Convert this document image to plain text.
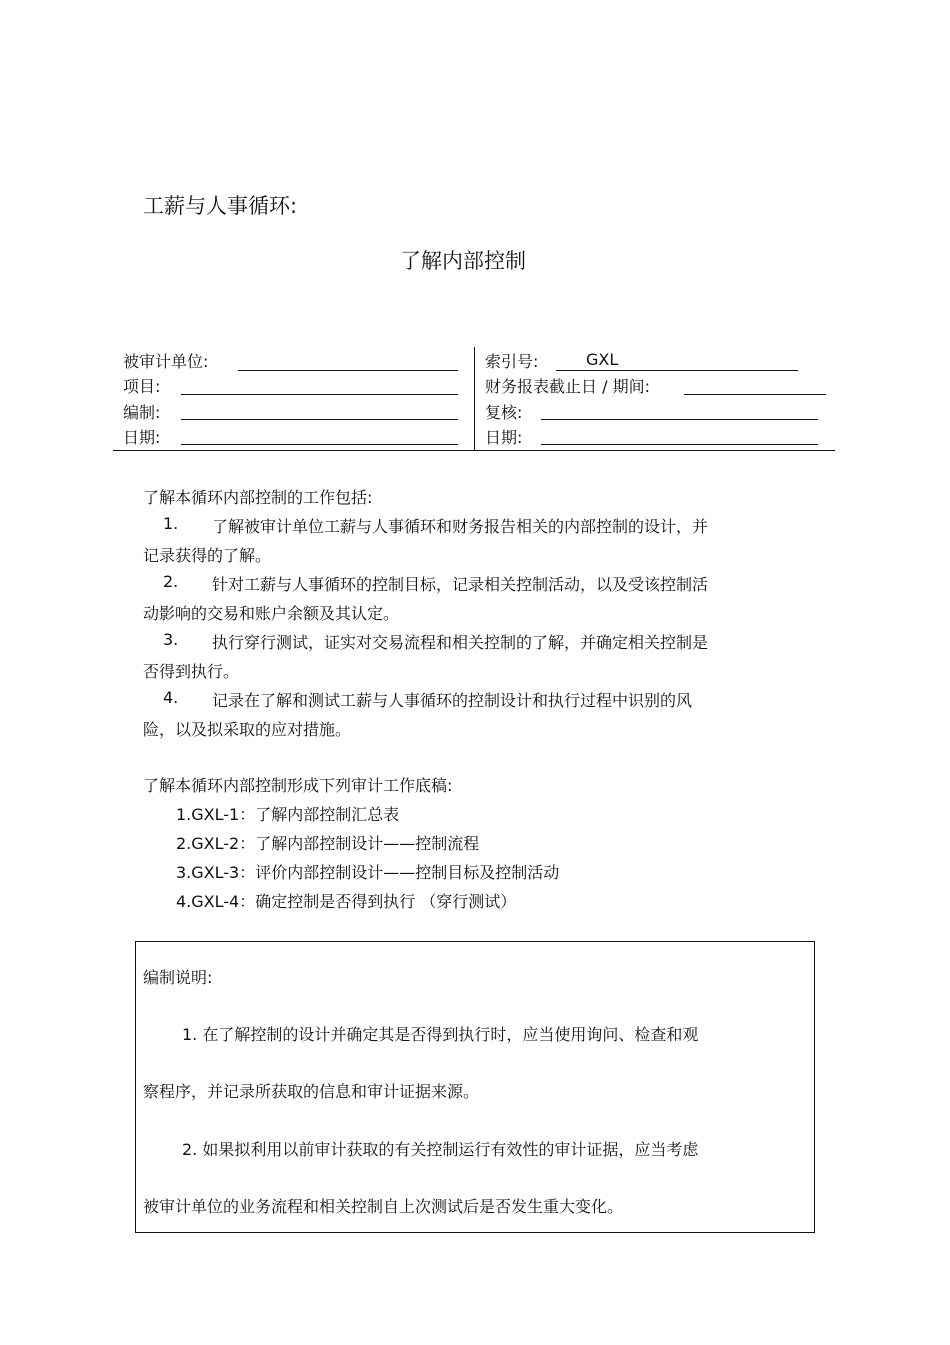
工薪与人事循环:
了解内部控制
被审计单位:
项目:
编制:
日期:
索引号:	GXL
财务报表截止日 / 期间:
复核:
日期:
了解本循环内部控制的工作包括:
1. 了解被审计单位工薪与人事循环和财务报告相关的内部控制的设计，并
记录获得的了解。
2. 针对工薪与人事循环的控制目标，记录相关控制活动，以及受该控制活
动影响的交易和账户余额及其认定。
3. 执行穿行测试，证实对交易流程和相关控制的了解，并确定相关控制是
否得到执行。
4. 记录在了解和测试工薪与人事循环的控制设计和执行过程中识别的风
险，以及拟采取的应对措施。
了解本循环内部控制形成下列审计工作底稿:
1.GXL-1：了解内部控制汇总表
2.GXL-2：了解内部控制设计——控制流程
3.GXL-3：评价内部控制设计——控制目标及控制活动
4.GXL-4：确定控制是否得到执行 （穿行测试）
编制说明:
1. 在了解控制的设计并确定其是否得到执行时，应当使用询问、检查和观
察程序，并记录所获取的信息和审计证据来源。
2. 如果拟利用以前审计获取的有关控制运行有效性的审计证据，应当考虑
被审计单位的业务流程和相关控制自上次测试后是否发生重大变化。
